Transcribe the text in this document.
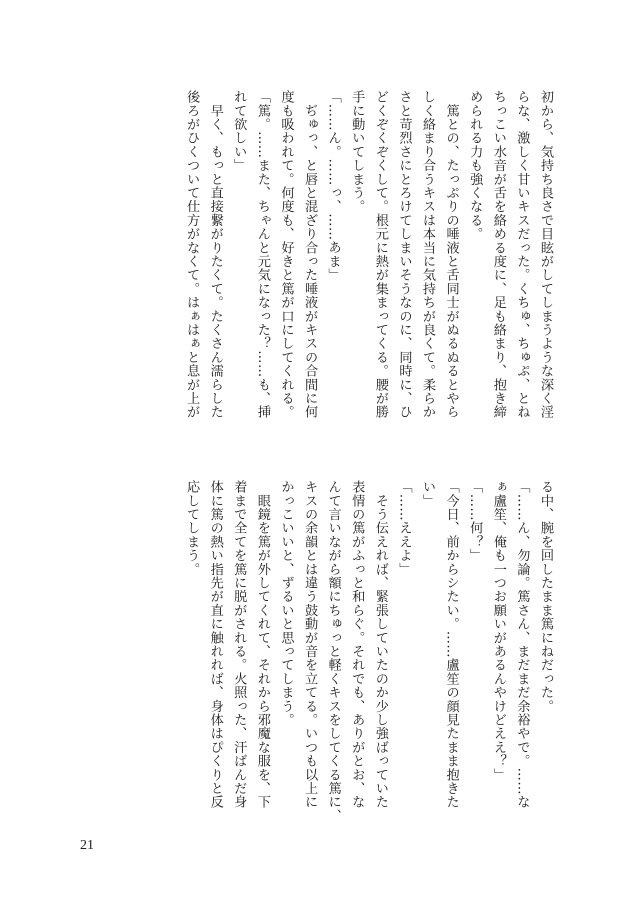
初から、気持ち良さで目眩がしてしまうような深く淫

らな、激しく甘いキスだった。くちゅ、ちゅぷ、とね

ちっこい水音が舌を絡める度に、足も絡まり、抱き締

められる力も強くなる。

　篤との、たっぷりの唾液と舌同士がぬるぬるとやら

しく絡まり合うキスは本当に気持ちが良くて。柔らか

さと苛烈さにとろけてしまいそうなのに、同時に、ひ

どくぞくぞくして。根元に熱が集まってくる。腰が勝

手に動いてしまう。

「……ん。……っ、……あま」

　ぢゅっ、と唇と混ざり合った唾液がキスの合間に何

度も吸われて。何度も、好きと篤が口にしてくれる。

「篤。……また、ちゃんと元気になった？……も、挿

れて欲しい」

　早く、もっと直接繋がりたくて。たくさん濡らした

後ろがひくついて仕方がなくて。はぁはぁと息が上が

る中、腕を回したまま篤にねだった。

「……ん、勿論。篤さん、まだまだ余裕やで。……な

ぁ盧笙、俺も一つお願いがあるんやけどええ？」

「……何？」

「今日、前からシたい。……盧笙の顔見たまま抱きた

い」

「……ええよ」

　そう伝えれば、緊張していたのか少し強ばっていた

表情の篤がふっと和らぐ。それでも、ありがとお、な

んて言いながら額にちゅっと軽くキスをしてくる篤に、

キスの余韻とは違う鼓動が音を立てる。いつも以上に

かっこいいと、ずるいと思ってしまう。

　眼鏡を篤が外してくれて、それから邪魔な服を、下

着まで全てを篤に脱がされる。火照った、汗ばんだ身

体に篤の熱い指先が直に触れれば、身体はぴくりと反

応してしまう。

21
